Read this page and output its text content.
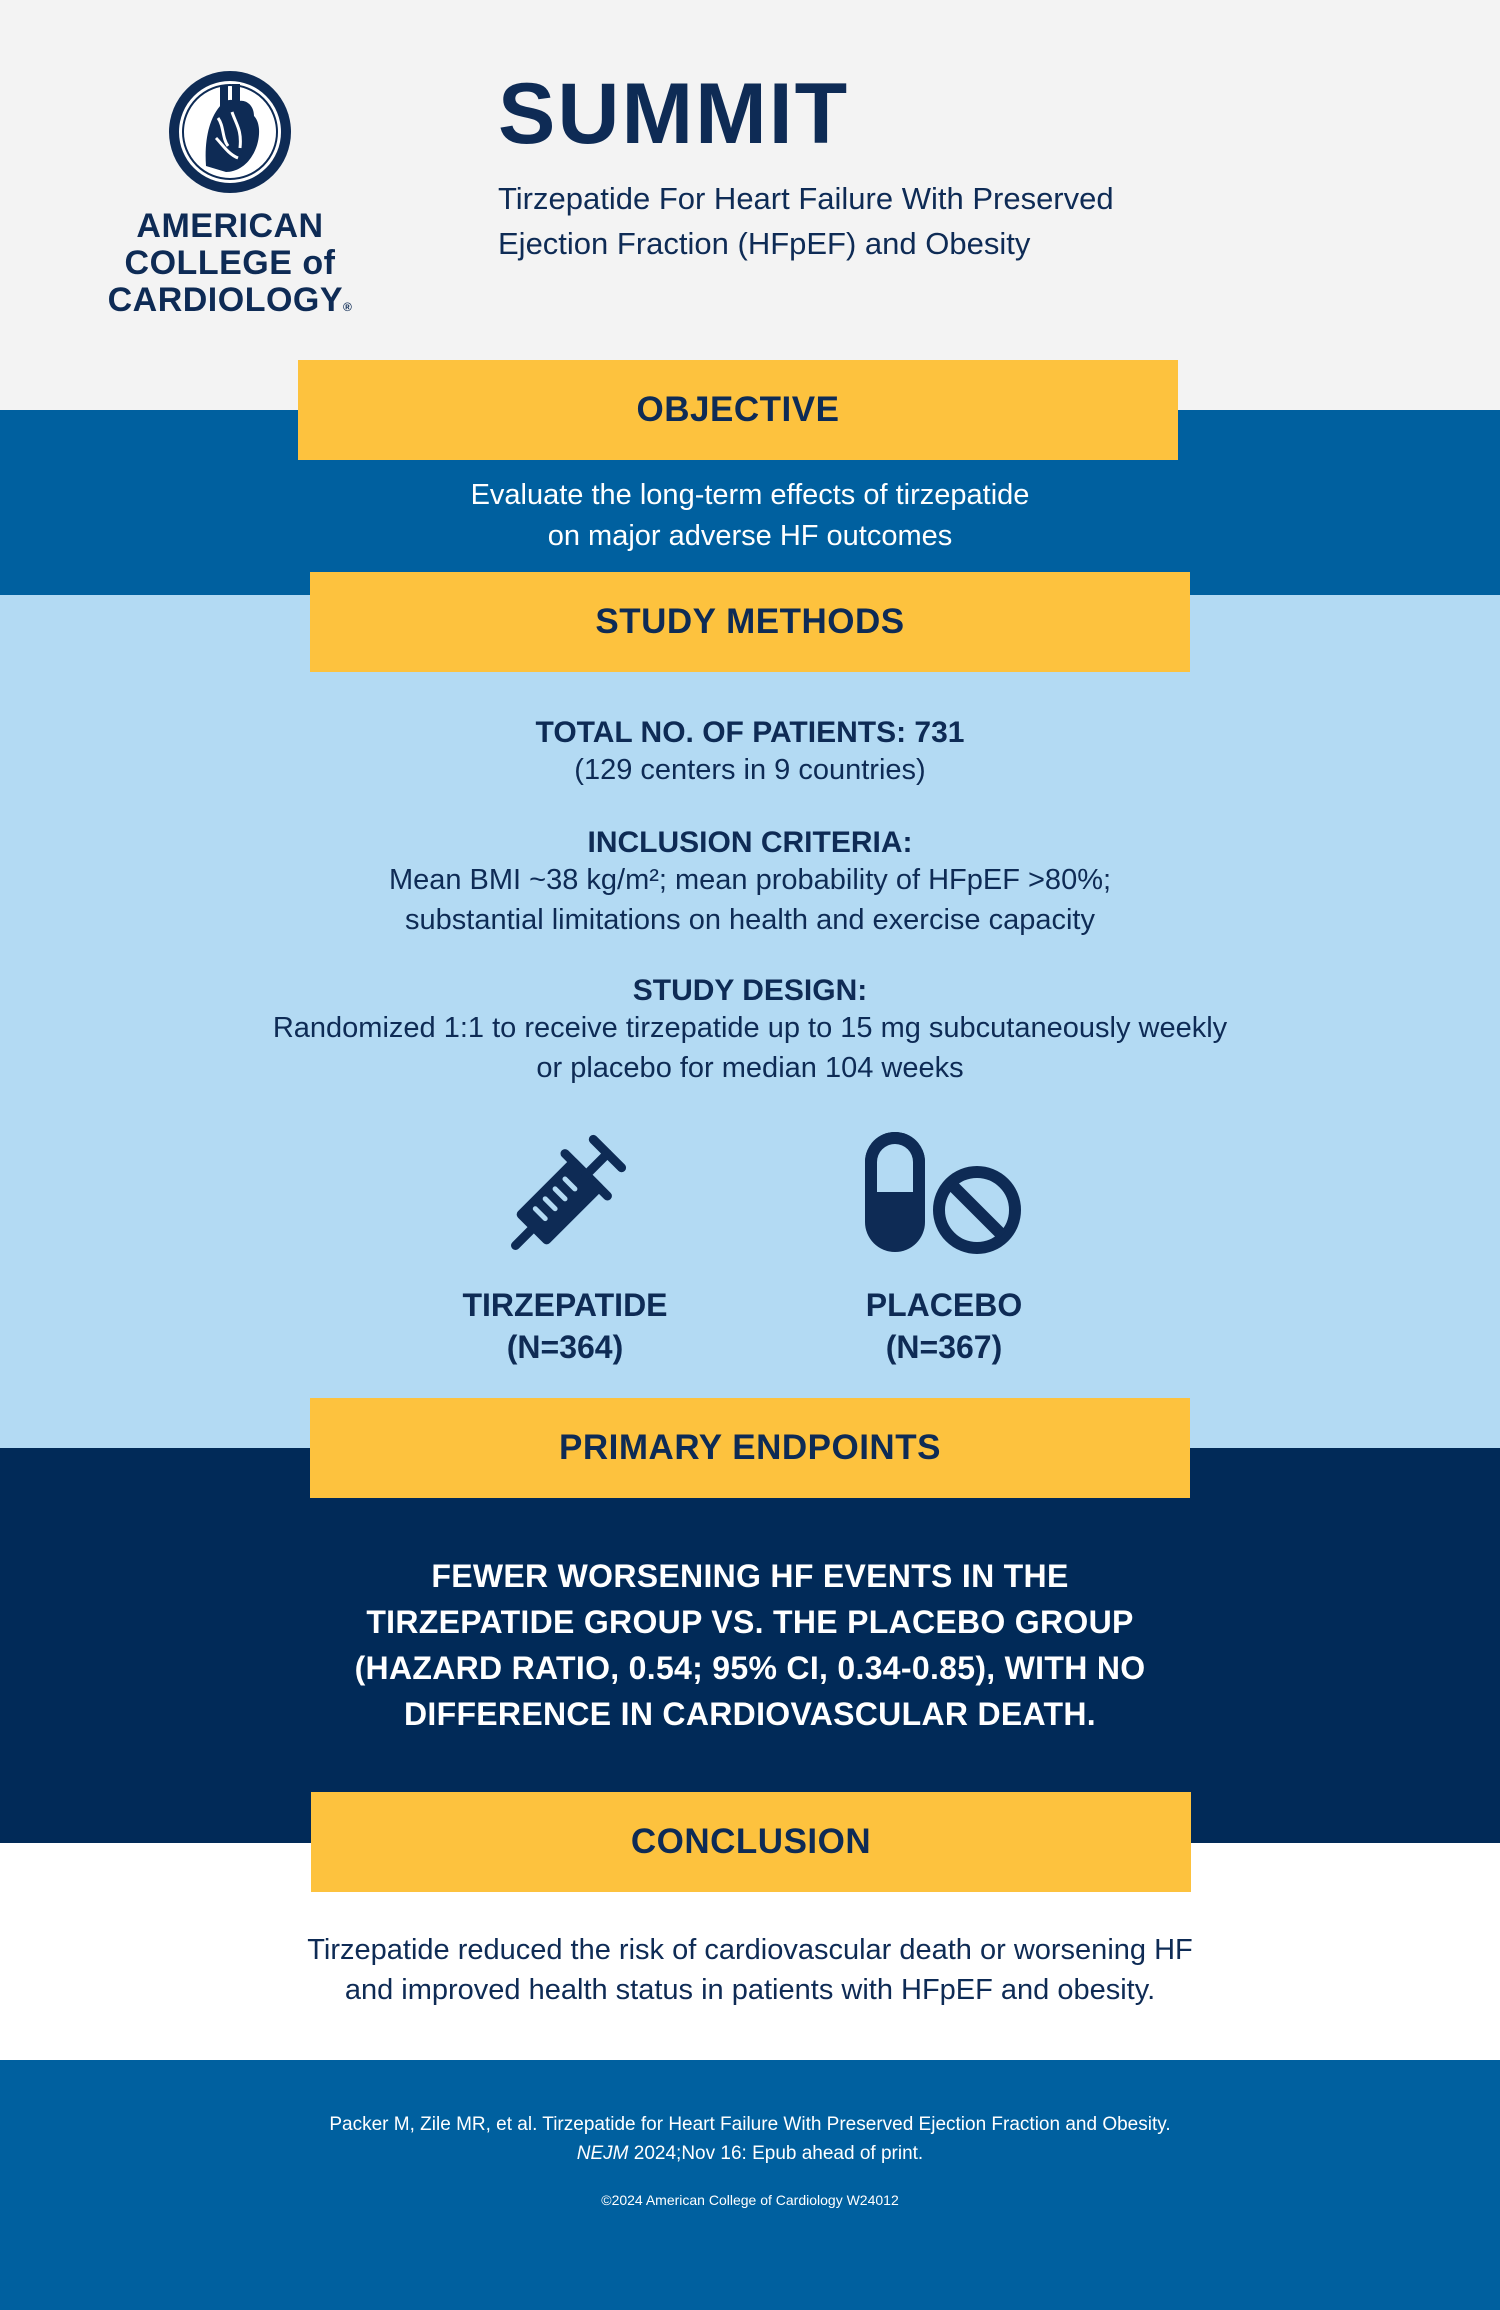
AMERICAN
COLLEGE of
CARDIOLOGY®
SUMMIT
Tirzepatide For Heart Failure With Preserved
Ejection Fraction (HFpEF) and Obesity
OBJECTIVE
Evaluate the long-term effects of tirzepatide
on major adverse HF outcomes
STUDY METHODS
TOTAL NO. OF PATIENTS: 731
(129 centers in 9 countries)
INCLUSION CRITERIA:
Mean BMI ~38 kg/m²; mean probability of HFpEF >80%;
substantial limitations on health and exercise capacity
STUDY DESIGN:
Randomized 1:1 to receive tirzepatide up to 15 mg subcutaneously weekly
or placebo for median 104 weeks
TIRZEPATIDE
(N=364)
PLACEBO
(N=367)
PRIMARY ENDPOINTS
FEWER WORSENING HF EVENTS IN THE
TIRZEPATIDE GROUP VS. THE PLACEBO GROUP
(HAZARD RATIO, 0.54; 95% CI, 0.34-0.85), WITH NO
DIFFERENCE IN CARDIOVASCULAR DEATH.
CONCLUSION
Tirzepatide reduced the risk of cardiovascular death or worsening HF
and improved health status in patients with HFpEF and obesity.
Packer M, Zile MR, et al. Tirzepatide for Heart Failure With Preserved Ejection Fraction and Obesity.
NEJM 2024;Nov 16: Epub ahead of print.
©2024 American College of Cardiology W24012
